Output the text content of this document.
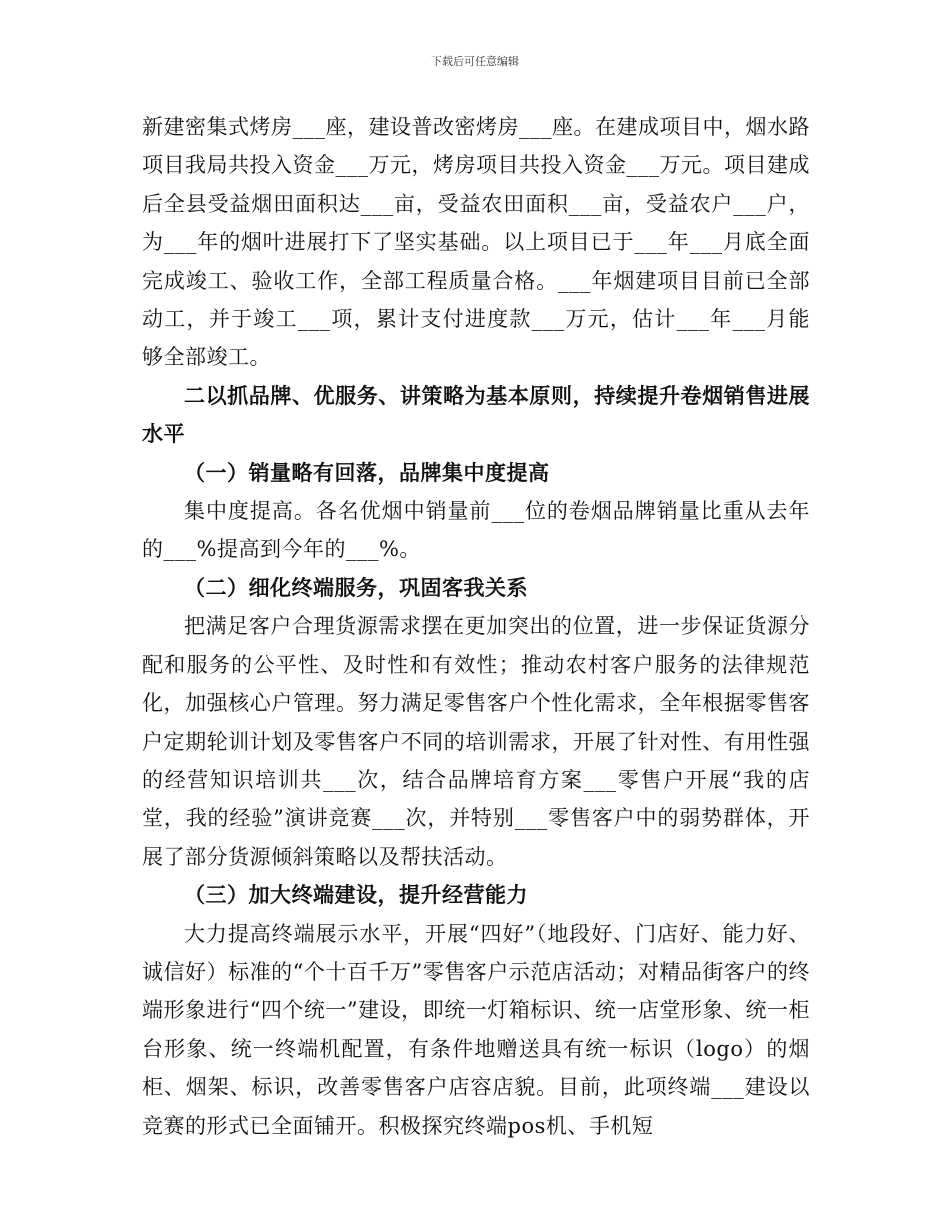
下载后可任意编辑

新建密集式烤房___座，建设普改密烤房___座。在建成项目中，烟水路项目我局共投入资金___万元，烤房项目共投入资金___万元。项目建成后全县受益烟田面积达___亩，受益农田面积___亩，受益农户___户，为___年的烟叶进展打下了坚实基础。以上项目已于___年___月底全面完成竣工、验收工作，全部工程质量合格。___年烟建项目目前已全部动工，并于竣工___项，累计支付进度款___万元，估计___年___月能够全部竣工。

二以抓品牌、优服务、讲策略为基本原则，持续提升卷烟销售进展水平

（一）销量略有回落，品牌集中度提高

集中度提高。各名优烟中销量前___位的卷烟品牌销量比重从去年的___%提高到今年的___%。

（二）细化终端服务，巩固客我关系

把满足客户合理货源需求摆在更加突出的位置，进一步保证货源分配和服务的公平性、及时性和有效性；推动农村客户服务的法律规范化，加强核心户管理。努力满足零售客户个性化需求，全年根据零售客户定期轮训计划及零售客户不同的培训需求，开展了针对性、有用性强的经营知识培训共___次，结合品牌培育方案___零售户开展“我的店堂，我的经验”演讲竞赛___次，并特别___零售客户中的弱势群体，开展了部分货源倾斜策略以及帮扶活动。

（三）加大终端建设，提升经营能力

大力提高终端展示水平，开展“四好”（地段好、门店好、能力好、诚信好）标准的“个十百千万”零售客户示范店活动；对精品街客户的终端形象进行“四个统一”建设，即统一灯箱标识、统一店堂形象、统一柜台形象、统一终端机配置，有条件地赠送具有统一标识（logo）的烟柜、烟架、标识，改善零售客户店容店貌。目前，此项终端___建设以竞赛的形式已全面铺开。积极探究终端pos机、手机短
